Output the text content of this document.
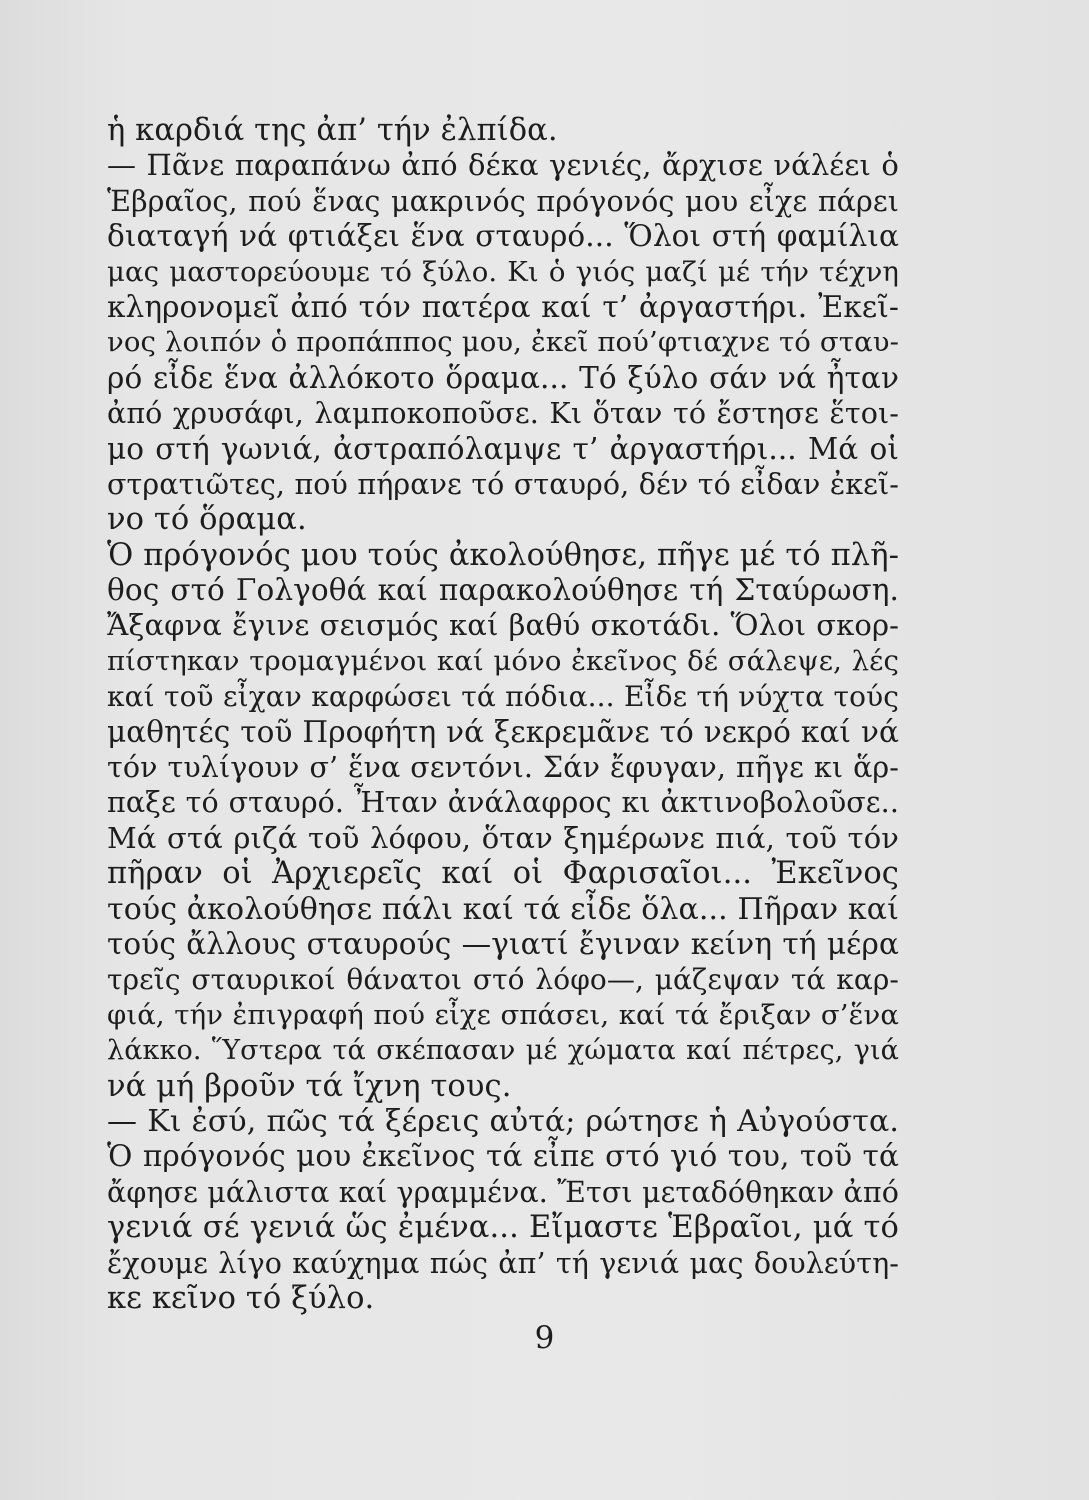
ἡ καρδιά της ἀπ’ τήν ἐλπίδα.
— Πᾶνε παραπάνω ἀπό δέκα γενιές, ἄρχισε νάλέει ὁ
Ἑβραῖος, πού ἕνας μακρινός πρόγονός μου εἶχε πάρει
διαταγή νά φτιάξει ἕνα σταυρό... Ὅλοι στή φαμίλια
μας μαστορεύουμε τό ξύλο. Κι ὁ γιός μαζί μέ τήν τέχνη
κληρονομεῖ ἀπό τόν πατέρα καί τ’ ἀργαστήρι. Ἐκεῖ-
νος λοιπόν ὁ προπάππος μου, ἐκεῖ πού’φτιαχνε τό σταυ-
ρό εἶδε ἕνα ἀλλόκοτο ὅραμα... Τό ξύλο σάν νά ἦταν
ἀπό χρυσάφι, λαμποκοποῦσε. Κι ὅταν τό ἔστησε ἕτοι-
μο στή γωνιά, ἀστραπόλαμψε τ’ ἀργαστήρι... Μά οἱ
στρατιῶτες, πού πήρανε τό σταυρό, δέν τό εἶδαν ἐκεῖ-
νο τό ὅραμα.
Ὁ πρόγονός μου τούς ἀκολούθησε, πῆγε μέ τό πλῆ-
θος στό Γολγοθά καί παρακολούθησε τή Σταύρωση.
Ἄξαφνα ἔγινε σεισμός καί βαθύ σκοτάδι. Ὅλοι σκορ-
πίστηκαν τρομαγμένοι καί μόνο ἐκεῖνος δέ σάλεψε, λές
καί τοῦ εἶχαν καρφώσει τά πόδια... Εἶδε τή νύχτα τούς
μαθητές τοῦ Προφήτη νά ξεκρεμᾶνε τό νεκρό καί νά
τόν τυλίγουν σ’ ἕνα σεντόνι. Σάν ἔφυγαν, πῆγε κι ἅρ-
παξε τό σταυρό. Ἦταν ἀνάλαφρος κι ἀκτινοβολοῦσε..
Μά στά ριζά τοῦ λόφου, ὅταν ξημέρωνε πιά, τοῦ τόν
πῆραν οἱ Ἀρχιερεῖς καί οἱ Φαρισαῖοι... Ἐκεῖνος
τούς ἀκολούθησε πάλι καί τά εἶδε ὅλα... Πῆραν καί
τούς ἄλλους σταυρούς —γιατί ἔγιναν κείνη τή μέρα
τρεῖς σταυρικοί θάνατοι στό λόφο—, μάζεψαν τά καρ-
φιά, τήν ἐπιγραφή πού εἶχε σπάσει, καί τά ἔριξαν σ’ἕνα
λάκκο. Ὕστερα τά σκέπασαν μέ χώματα καί πέτρες, γιά
νά μή βροῦν τά ἴχνη τους.
— Κι ἐσύ, πῶς τά ξέρεις αὐτά; ρώτησε ἡ Αὐγούστα.
Ὁ πρόγονός μου ἐκεῖνος τά εἶπε στό γιό του, τοῦ τά
ἄφησε μάλιστα καί γραμμένα. Ἔτσι μεταδόθηκαν ἀπό
γενιά σέ γενιά ὥς ἐμένα... Εἴμαστε Ἑβραῖοι, μά τό
ἔχουμε λίγο καύχημα πώς ἀπ’ τή γενιά μας δουλεύτη-
κε κεῖνο τό ξύλο.
9
